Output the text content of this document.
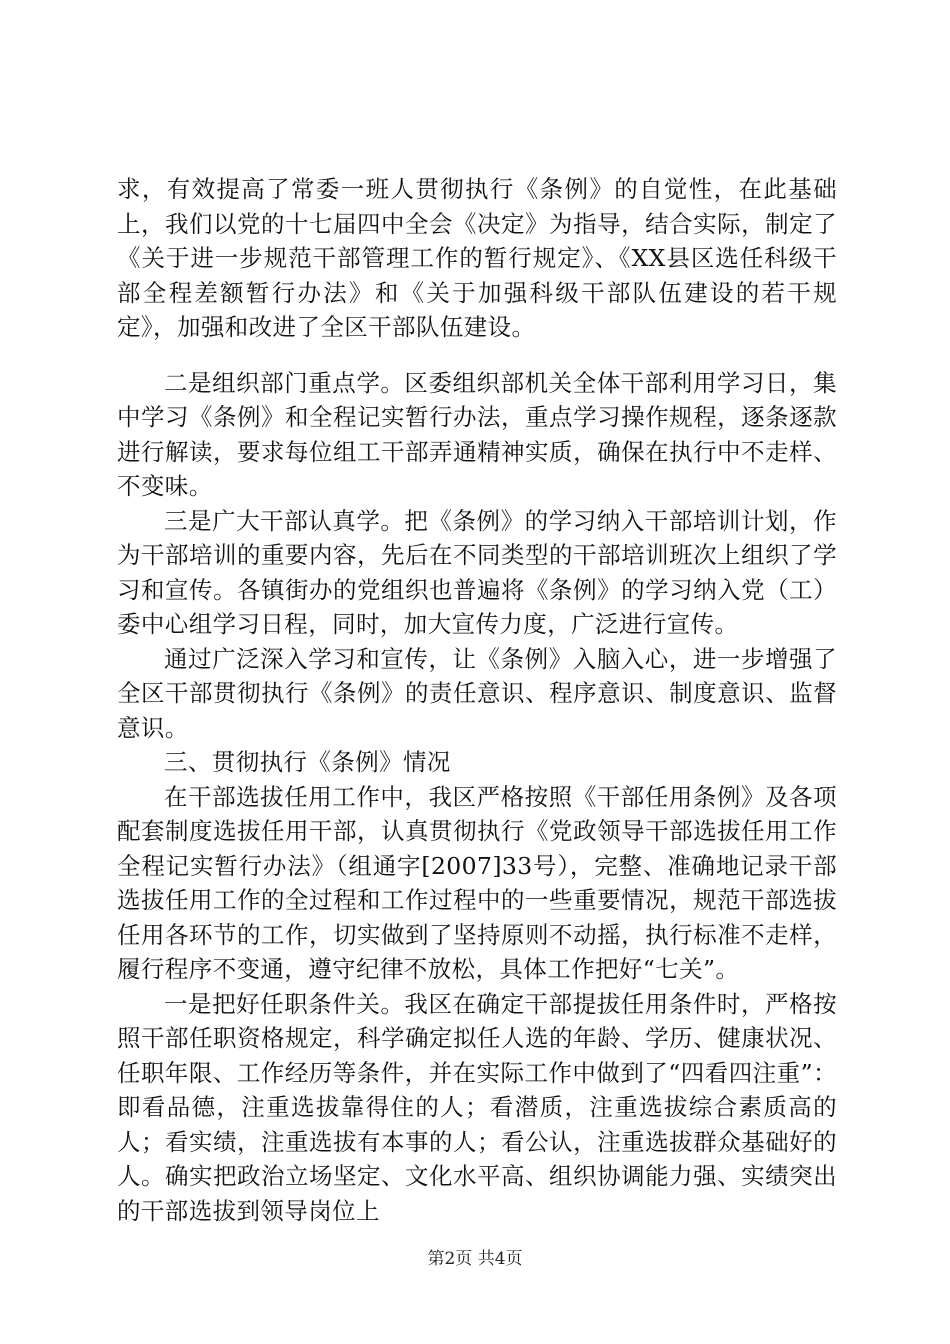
求，有效提高了常委一班人贯彻执行《条例》的自觉性，在此基础上，我们以党的十七届四中全会《决定》为指导，结合实际，制定了《关于进一步规范干部管理工作的暂行规定》、《XX县区选任科级干部全程差额暂行办法》和《关于加强科级干部队伍建设的若干规定》，加强和改进了全区干部队伍建设。

二是组织部门重点学。区委组织部机关全体干部利用学习日，集中学习《条例》和全程记实暂行办法，重点学习操作规程，逐条逐款进行解读，要求每位组工干部弄通精神实质，确保在执行中不走样、不变味。

三是广大干部认真学。把《条例》的学习纳入干部培训计划，作为干部培训的重要内容，先后在不同类型的干部培训班次上组织了学习和宣传。各镇街办的党组织也普遍将《条例》的学习纳入党（工）委中心组学习日程，同时，加大宣传力度，广泛进行宣传。

通过广泛深入学习和宣传，让《条例》入脑入心，进一步增强了全区干部贯彻执行《条例》的责任意识、程序意识、制度意识、监督意识。

三、贯彻执行《条例》情况

在干部选拔任用工作中，我区严格按照《干部任用条例》及各项配套制度选拔任用干部，认真贯彻执行《党政领导干部选拔任用工作全程记实暂行办法》（组通字[2007]33号），完整、准确地记录干部选拔任用工作的全过程和工作过程中的一些重要情况，规范干部选拔任用各环节的工作，切实做到了坚持原则不动摇，执行标准不走样，履行程序不变通，遵守纪律不放松，具体工作把好“七关”。

一是把好任职条件关。我区在确定干部提拔任用条件时，严格按照干部任职资格规定，科学确定拟任人选的年龄、学历、健康状况、任职年限、工作经历等条件，并在实际工作中做到了“四看四注重”：即看品德，注重选拔靠得住的人；看潜质，注重选拔综合素质高的人；看实绩，注重选拔有本事的人；看公认，注重选拔群众基础好的人。确实把政治立场坚定、文化水平高、组织协调能力强、实绩突出的干部选拔到领导岗位上

第2页 共4页
